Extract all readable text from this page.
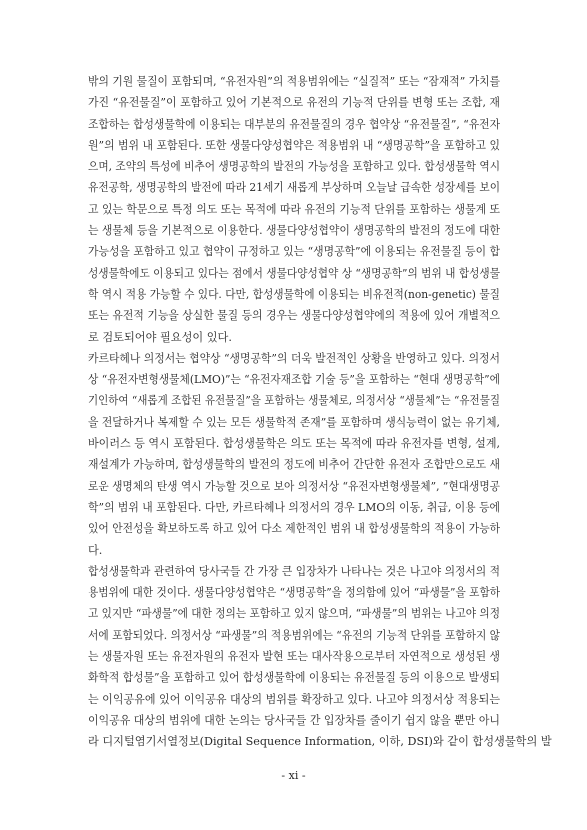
밖의 기원 물질이 포함되며, “유전자원”의 적용범위에는 “실질적” 또는 “잠재적” 가치를
가진 “유전물질”이 포함하고 있어 기본적으로 유전의 기능적 단위를 변형 또는 조합, 재
조합하는 합성생물학에 이용되는 대부분의 유전물질의 경우 협약상 “유전물질”, “유전자
원”의 범위 내 포함된다. 또한 생물다양성협약은 적용범위 내 “생명공학”을 포함하고 있
으며, 조약의 특성에 비추어 생명공학의 발전의 가능성을 포함하고 있다. 합성생물학 역시
유전공학, 생명공학의 발전에 따라 21세기 새롭게 부상하며 오늘날 급속한 성장세를 보이
고 있는 학문으로 특정 의도 또는 목적에 따라 유전의 기능적 단위를 포함하는 생물계 또
는 생물체 등을 기본적으로 이용한다. 생물다양성협약이 생명공학의 발전의 정도에 대한
가능성을 포함하고 있고 협약이 규정하고 있는 “생명공학”에 이용되는 유전물질 등이 합
성생물학에도 이용되고 있다는 점에서 생물다양성협약 상 “생명공학”의 범위 내 합성생물
학 역시 적용 가능할 수 있다. 다만, 합성생물학에 이용되는 비유전적(non-genetic) 물질
또는 유전적 기능을 상실한 물질 등의 경우는 생물다양성협약에의 적용에 있어 개별적으
로 검토되어야 필요성이 있다.
카르타헤나 의정서는 협약상 “생명공학”의 더욱 발전적인 상황을 반영하고 있다. 의정서
상 “유전자변형생물체(LMO)”는 “유전자재조합 기술 등”을 포함하는 “현대 생명공학”에
기인하여 “새롭게 조합된 유전물질”을 포함하는 생물체로, 의정서상 “생물체”는 “유전물질
을 전달하거나 복제할 수 있는 모든 생물학적 존재”를 포함하며 생식능력이 없는 유기체,
바이러스 등 역시 포함된다. 합성생물학은 의도 또는 목적에 따라 유전자를 변형, 설계,
재설계가 가능하며, 합성생물학의 발전의 정도에 비추어 간단한 유전자 조합만으로도 새
로운 생명체의 탄생 역시 가능할 것으로 보아 의정서상 “유전자변형생물체”, ”현대생명공
학”의 범위 내 포함된다. 다만, 카르타헤나 의정서의 경우 LMO의 이동, 취급, 이용 등에
있어 안전성을 확보하도록 하고 있어 다소 제한적인 범위 내 합성생물학의 적용이 가능하
다.
합성생물학과 관련하여 당사국들 간 가장 큰 입장차가 나타나는 것은 나고야 의정서의 적
용범위에 대한 것이다. 생물다양성협약은 “생명공학”을 정의함에 있어 “파생물”을 포함하
고 있지만 “파생물”에 대한 정의는 포함하고 있지 않으며, “파생물”의 범위는 나고야 의정
서에 포함되었다. 의정서상 “파생물”의 적용범위에는 “유전의 기능적 단위를 포함하지 않
는 생물자원 또는 유전자원의 유전자 발현 또는 대사작용으로부터 자연적으로 생성된 생
화학적 합성물”을 포함하고 있어 합성생물학에 이용되는 유전물질 등의 이용으로 발생되
는 이익공유에 있어 이익공유 대상의 범위를 확장하고 있다. 나고야 의정서상 적용되는
이익공유 대상의 범위에 대한 논의는 당사국들 간 입장차를 줄이기 쉽지 않을 뿐만 아니
라 디지털염기서열정보(Digital Sequence Information, 이하, DSI)와 같이 합성생물학의 발
- xi -
